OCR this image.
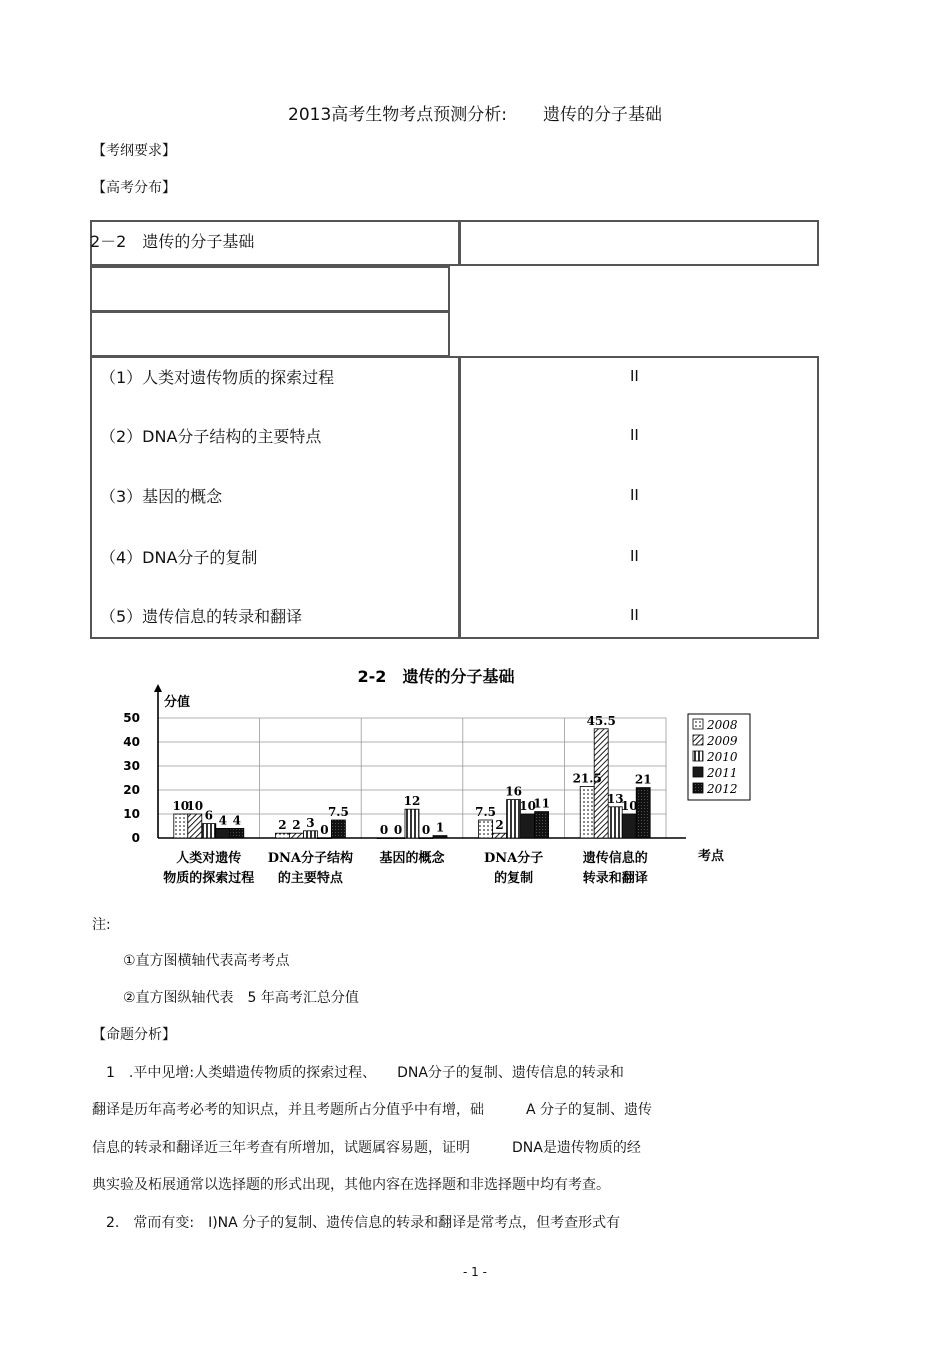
2013高考生物考点预测分析: 遗传的分子基础
【考纲要求】
【高考分布】
2－2　遗传的分子基础
（1）人类对遗传物质的探索过程	II
（2）DNA分子结构的主要特点	II
（3）基因的概念	II
（4）DNA分子的复制	II
（5）遗传信息的转录和翻译	II
2-2　遗传的分子基础
0
10
20
30
40
50
分值
考点
10
10
6 4 4
人类对遗传
物质的探索过程
2 2 3
0
7.5
DNA分子结构
的主要特点
0 0
12
0 1
基因的概念
7.5
2
16
10
11
DNA分子
的复制
21.5
45.5
13
10
21
遗传信息的
转录和翻译
2008
2009
2010
2011
2012
注:
①直方图横轴代表高考考点
②直方图纵轴代表　5 年高考汇总分值
【命题分析】
1　.平中见增:人类蜡遗传物质的探索过程、　　DNA分子的复制、遗传信息的转录和
翻译是历年高考必考的知识点，并且考题所占分值乎中有增，础　　　A 分子的复制、遗传
信息的转录和翻译近三年考查有所增加，试题属容易题，证明　　　DNA是遗传物质的经
典实验及柘展通常以选择题的形式出现，其他内容在选择题和非选择题中均有考查。
2.　常而有变:　I)NA 分子的复制、遗传信息的转录和翻译是常考点，但考查形式有
- 1 -
